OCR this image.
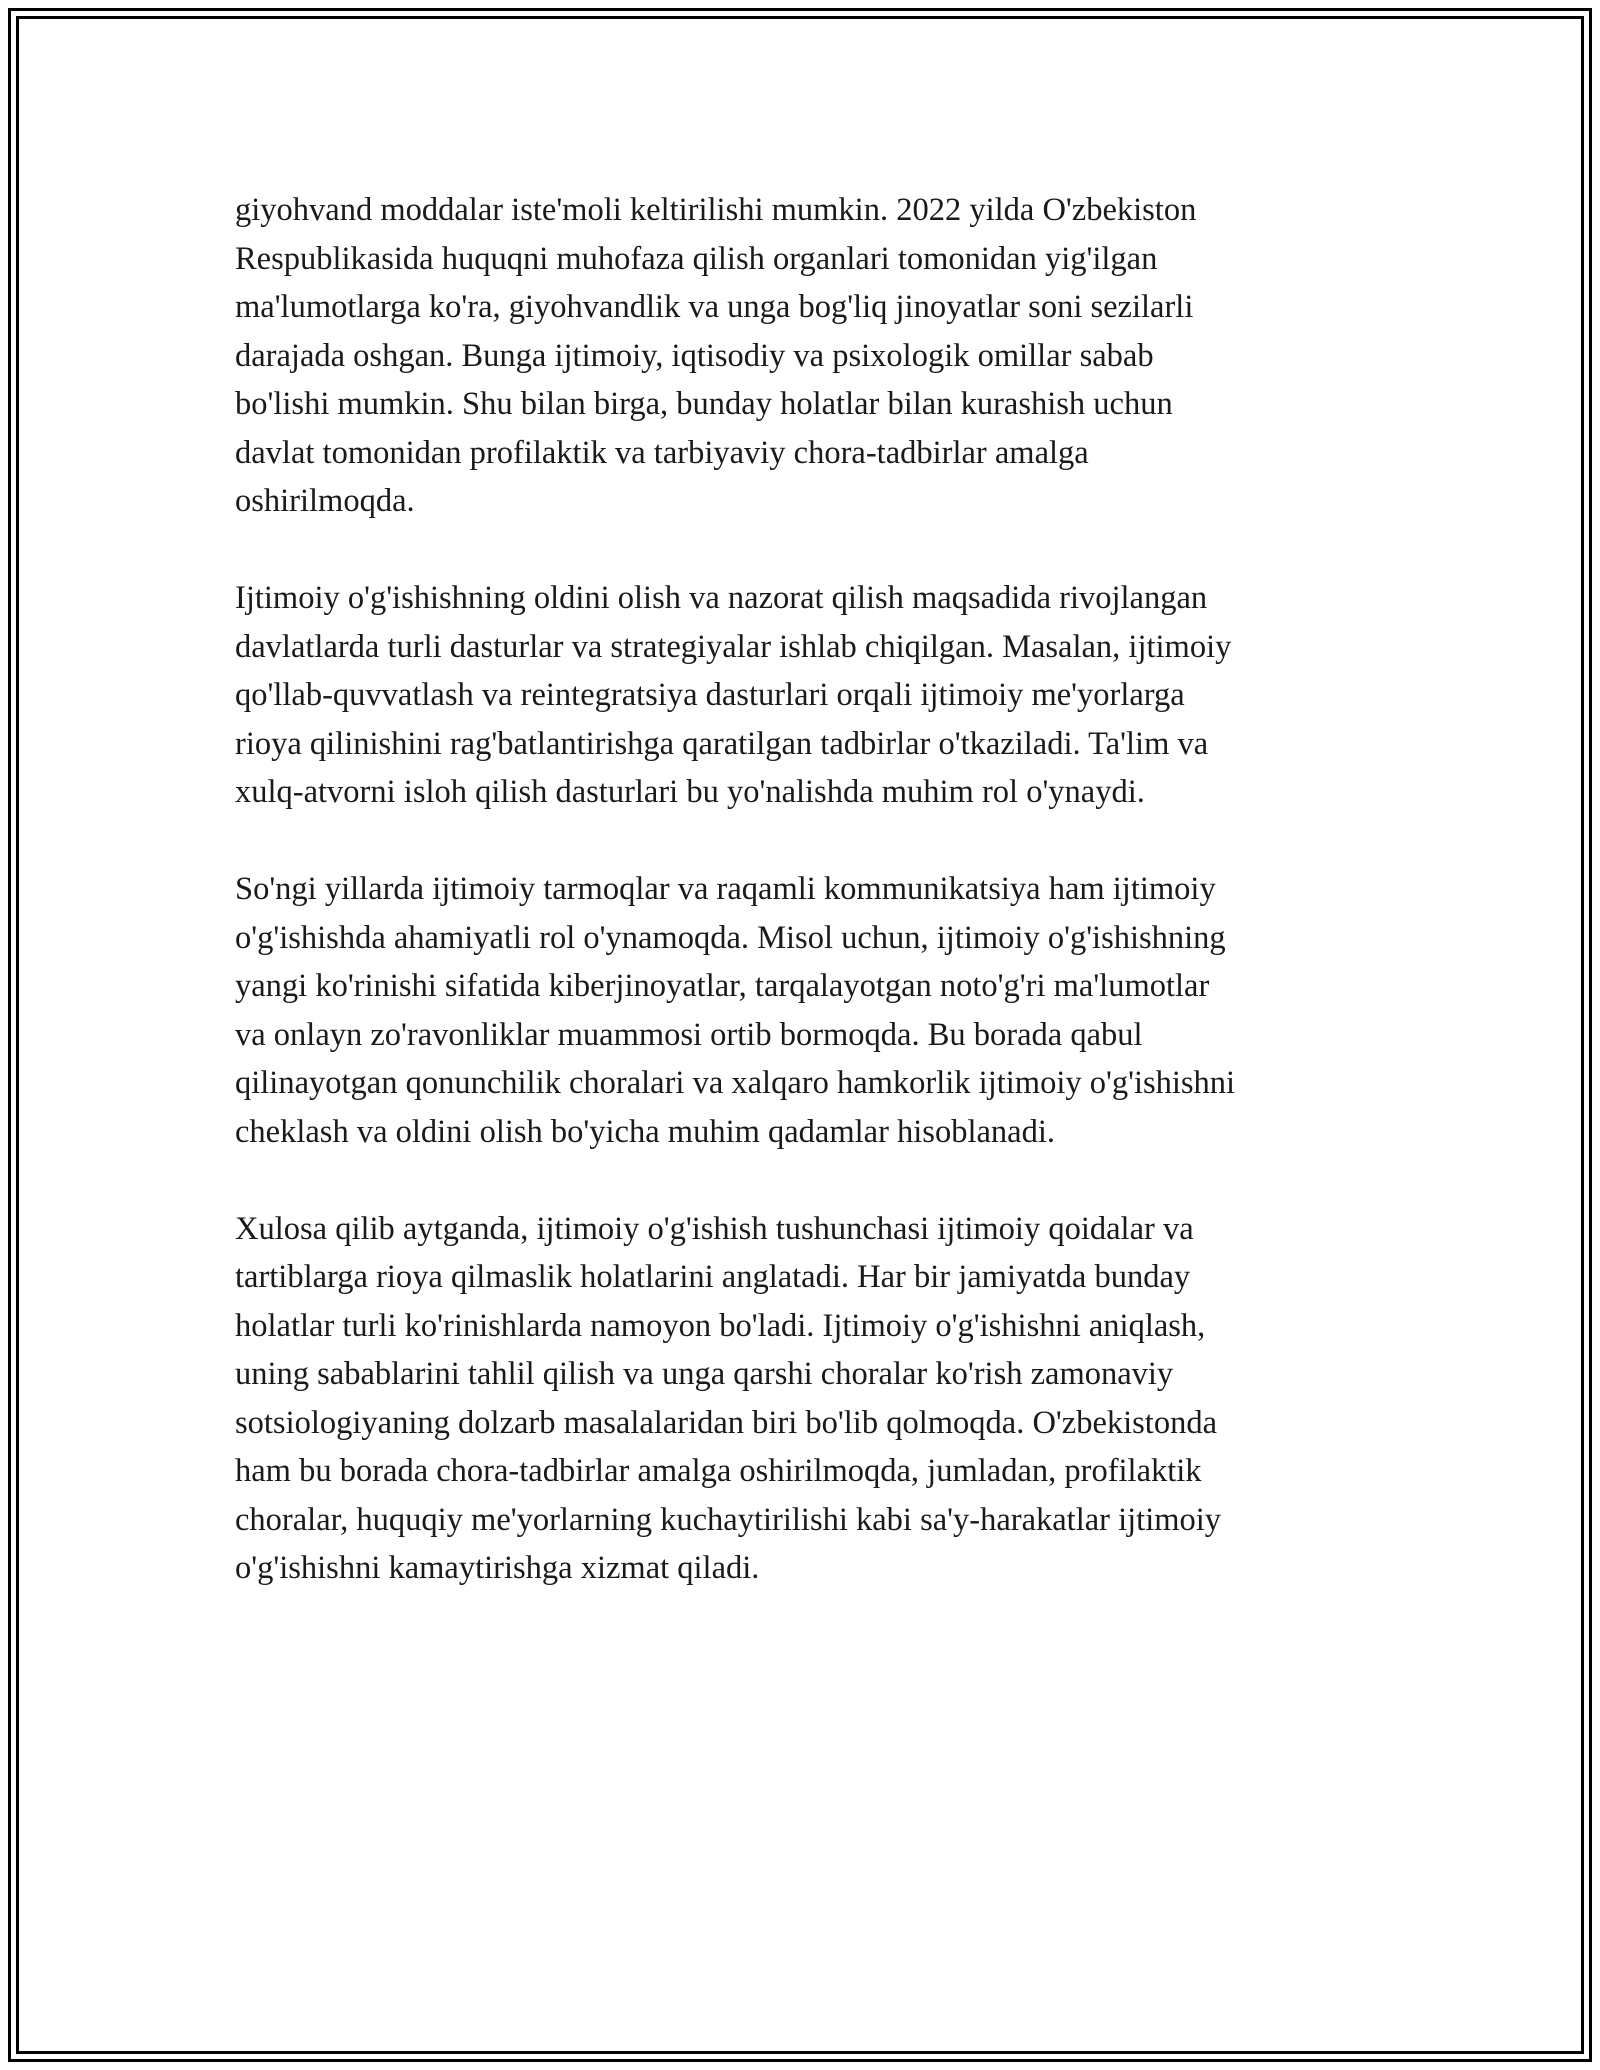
giyohvand moddalar iste'moli keltirilishi mumkin. 2022 yilda O'zbekiston
Respublikasida huquqni muhofaza qilish organlari tomonidan yig'ilgan
ma'lumotlarga ko'ra, giyohvandlik va unga bog'liq jinoyatlar soni sezilarli
darajada oshgan. Bunga ijtimoiy, iqtisodiy va psixologik omillar sabab
bo'lishi mumkin. Shu bilan birga, bunday holatlar bilan kurashish uchun
davlat tomonidan profilaktik va tarbiyaviy chora-tadbirlar amalga
oshirilmoqda.

Ijtimoiy o'g'ishishning oldini olish va nazorat qilish maqsadida rivojlangan
davlatlarda turli dasturlar va strategiyalar ishlab chiqilgan. Masalan, ijtimoiy
qo'llab-quvvatlash va reintegratsiya dasturlari orqali ijtimoiy me'yorlarga
rioya qilinishini rag'batlantirishga qaratilgan tadbirlar o'tkaziladi. Ta'lim va
xulq-atvorni isloh qilish dasturlari bu yo'nalishda muhim rol o'ynaydi.

So'ngi yillarda ijtimoiy tarmoqlar va raqamli kommunikatsiya ham ijtimoiy
o'g'ishishda ahamiyatli rol o'ynamoqda. Misol uchun, ijtimoiy o'g'ishishning
yangi ko'rinishi sifatida kiberjinoyatlar, tarqalayotgan noto'g'ri ma'lumotlar
va onlayn zo'ravonliklar muammosi ortib bormoqda. Bu borada qabul
qilinayotgan qonunchilik choralari va xalqaro hamkorlik ijtimoiy o'g'ishishni
cheklash va oldini olish bo'yicha muhim qadamlar hisoblanadi.

Xulosa qilib aytganda, ijtimoiy o'g'ishish tushunchasi ijtimoiy qoidalar va
tartiblarga rioya qilmaslik holatlarini anglatadi. Har bir jamiyatda bunday
holatlar turli ko'rinishlarda namoyon bo'ladi. Ijtimoiy o'g'ishishni aniqlash,
uning sabablarini tahlil qilish va unga qarshi choralar ko'rish zamonaviy
sotsiologiyaning dolzarb masalalaridan biri bo'lib qolmoqda. O'zbekistonda
ham bu borada chora-tadbirlar amalga oshirilmoqda, jumladan, profilaktik
choralar, huquqiy me'yorlarning kuchaytirilishi kabi sa'y-harakatlar ijtimoiy
o'g'ishishni kamaytirishga xizmat qiladi.
